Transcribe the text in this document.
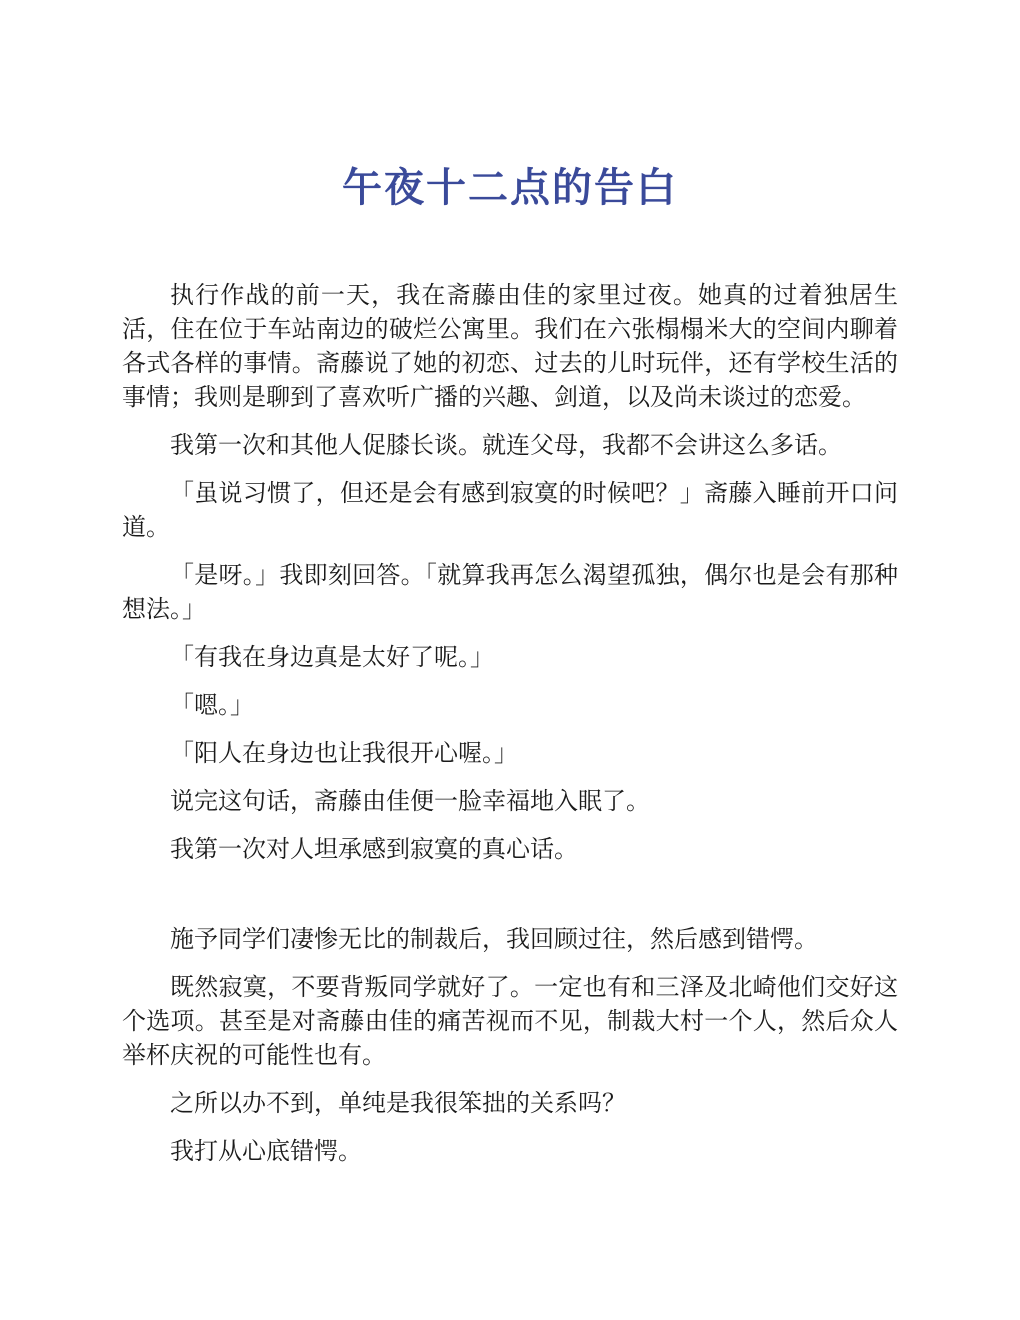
午夜十二点的告白

执行作战的前一天，我在斋藤由佳的家里过夜。她真的过着独居生活，住在位于车站南边的破烂公寓里。我们在六张榻榻米大的空间内聊着各式各样的事情。斋藤说了她的初恋、过去的儿时玩伴，还有学校生活的事情；我则是聊到了喜欢听广播的兴趣、剑道，以及尚未谈过的恋爱。

我第一次和其他人促膝长谈。就连父母，我都不会讲这么多话。

「虽说习惯了，但还是会有感到寂寞的时候吧？」斋藤入睡前开口问道。

「是呀。」我即刻回答。「就算我再怎么渴望孤独，偶尔也是会有那种想法。」

「有我在身边真是太好了呢。」

「嗯。」

「阳人在身边也让我很开心喔。」

说完这句话，斋藤由佳便一脸幸福地入眠了。

我第一次对人坦承感到寂寞的真心话。

施予同学们凄惨无比的制裁后，我回顾过往，然后感到错愕。

既然寂寞，不要背叛同学就好了。一定也有和三泽及北崎他们交好这个选项。甚至是对斋藤由佳的痛苦视而不见，制裁大村一个人，然后众人举杯庆祝的可能性也有。

之所以办不到，单纯是我很笨拙的关系吗？

我打从心底错愕。
